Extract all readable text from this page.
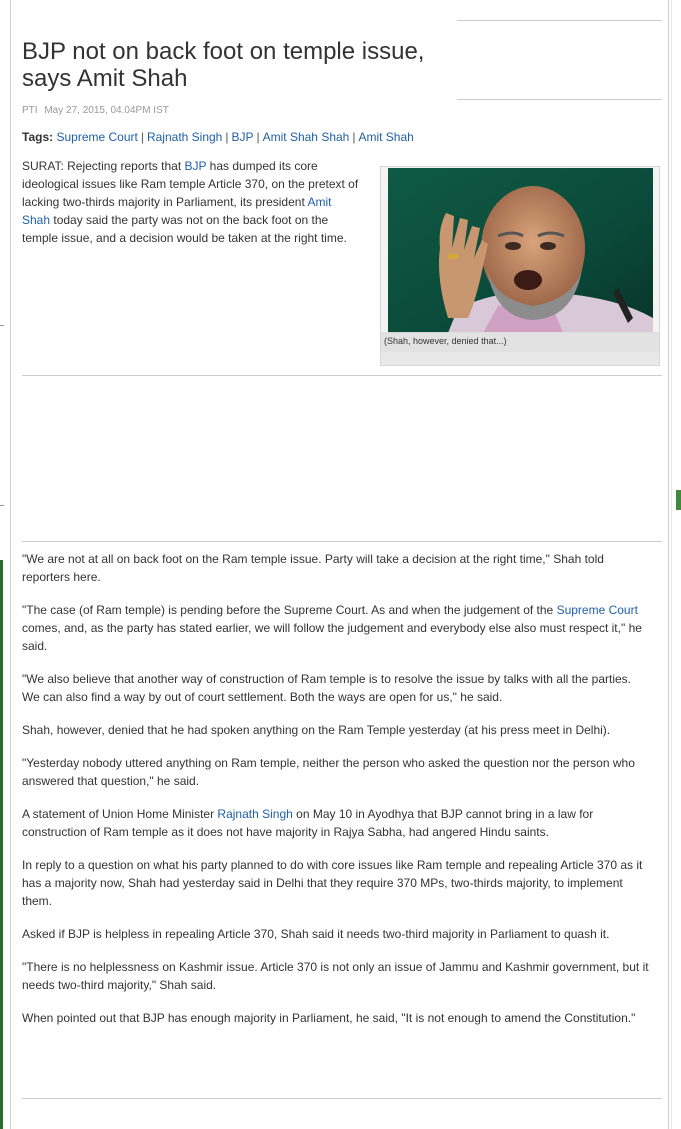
BJP not on back foot on temple issue, says Amit Shah
PTI May 27, 2015, 04.04PM IST
Tags: Supreme Court | Rajnath Singh | BJP | Amit Shah Shah | Amit Shah

SURAT: Rejecting reports that BJP has dumped its core ideological issues like Ram temple Article 370, on the pretext of lacking two-thirds majority in Parliament, its president Amit Shah today said the party was not on the back foot on the temple issue, and a decision would be taken at the right time.

(Shah, however, denied that...)

"We are not at all on back foot on the Ram temple issue. Party will take a decision at the right time," Shah told reporters here.

"The case (of Ram temple) is pending before the Supreme Court. As and when the judgement of the Supreme Court comes, and, as the party has stated earlier, we will follow the judgement and everybody else also must respect it," he said.

"We also believe that another way of construction of Ram temple is to resolve the issue by talks with all the parties. We can also find a way by out of court settlement. Both the ways are open for us," he said.

Shah, however, denied that he had spoken anything on the Ram Temple yesterday (at his press meet in Delhi).

"Yesterday nobody uttered anything on Ram temple, neither the person who asked the question nor the person who answered that question," he said.

A statement of Union Home Minister Rajnath Singh on May 10 in Ayodhya that BJP cannot bring in a law for construction of Ram temple as it does not have majority in Rajya Sabha, had angered Hindu saints.

In reply to a question on what his party planned to do with core issues like Ram temple and repealing Article 370 as it has a majority now, Shah had yesterday said in Delhi that they require 370 MPs, two-thirds majority, to implement them.

Asked if BJP is helpless in repealing Article 370, Shah said it needs two-third majority in Parliament to quash it.

"There is no helplessness on Kashmir issue. Article 370 is not only an issue of Jammu and Kashmir government, but it needs two-third majority," Shah said.

When pointed out that BJP has enough majority in Parliament, he said, "It is not enough to amend the Constitution."
